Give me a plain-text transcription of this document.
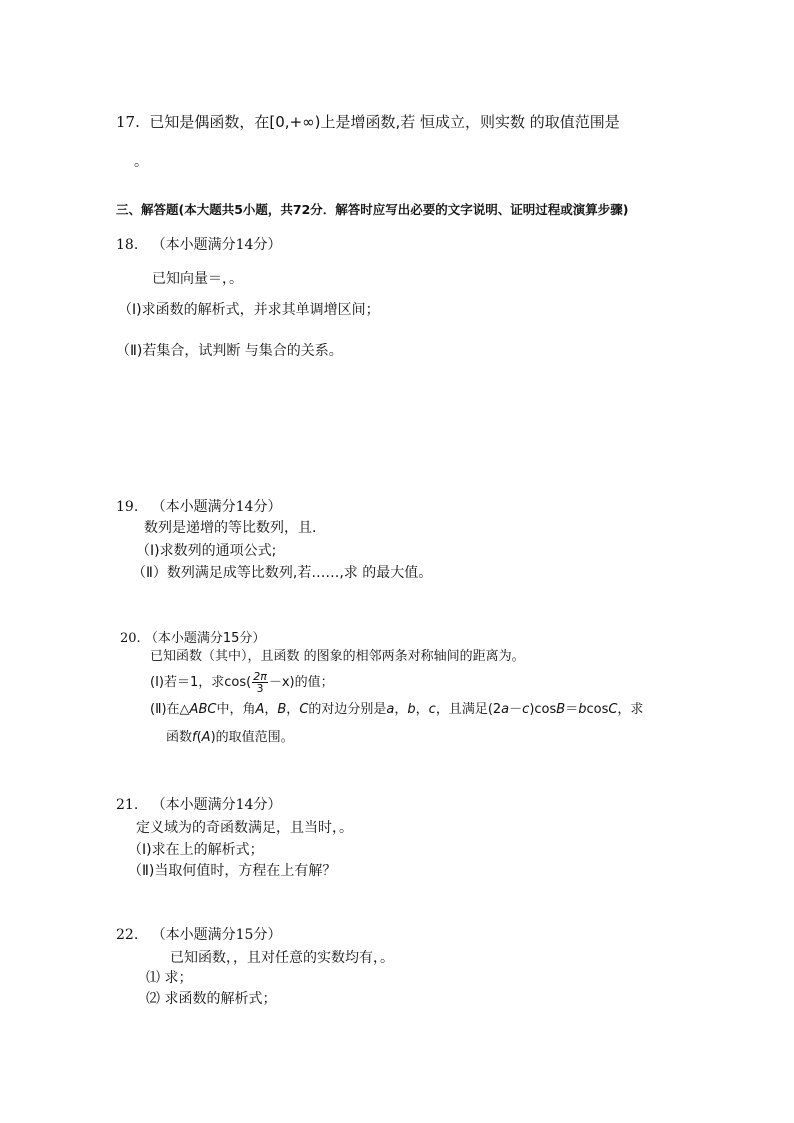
17. 已知是偶函数，在[0,+∞)上是增函数,若 恒成立，则实数 的取值范围是
。
三、解答题(本大题共5小题，共72分．解答时应写出必要的文字说明、证明过程或演算步骤)
18. （本小题满分14分）
已知向量＝，。
（Ⅰ)求函数的解析式，并求其单调增区间；
（Ⅱ)若集合，试判断 与集合的关系。
19. （本小题满分14分）
数列是递增的等比数列，且.
（Ⅰ)求数列的通项公式;
（Ⅱ）数列满足成等比数列,若……,求 的最大值。
20. （本小题满分15分）
已知函数（其中），且函数 的图象的相邻两条对称轴间的距离为。
(Ⅰ)若＝1，求$\cos( \frac{2\pi}{3} -x)$的值；
(Ⅱ)在△ABC中，角A，B，C的对边分别是a，b，c，且满足(2a－c)cosB＝bcosC，求
函数f(A)的取值范围。
21. （本小题满分14分）
定义域为的奇函数满足，且当时，。
（Ⅰ)求在上的解析式；
（Ⅱ)当取何值时，方程在上有解？
22. （本小题满分15分）
已知函数，，且对任意的实数均有，。
⑴ 求；
⑵ 求函数的解析式；
